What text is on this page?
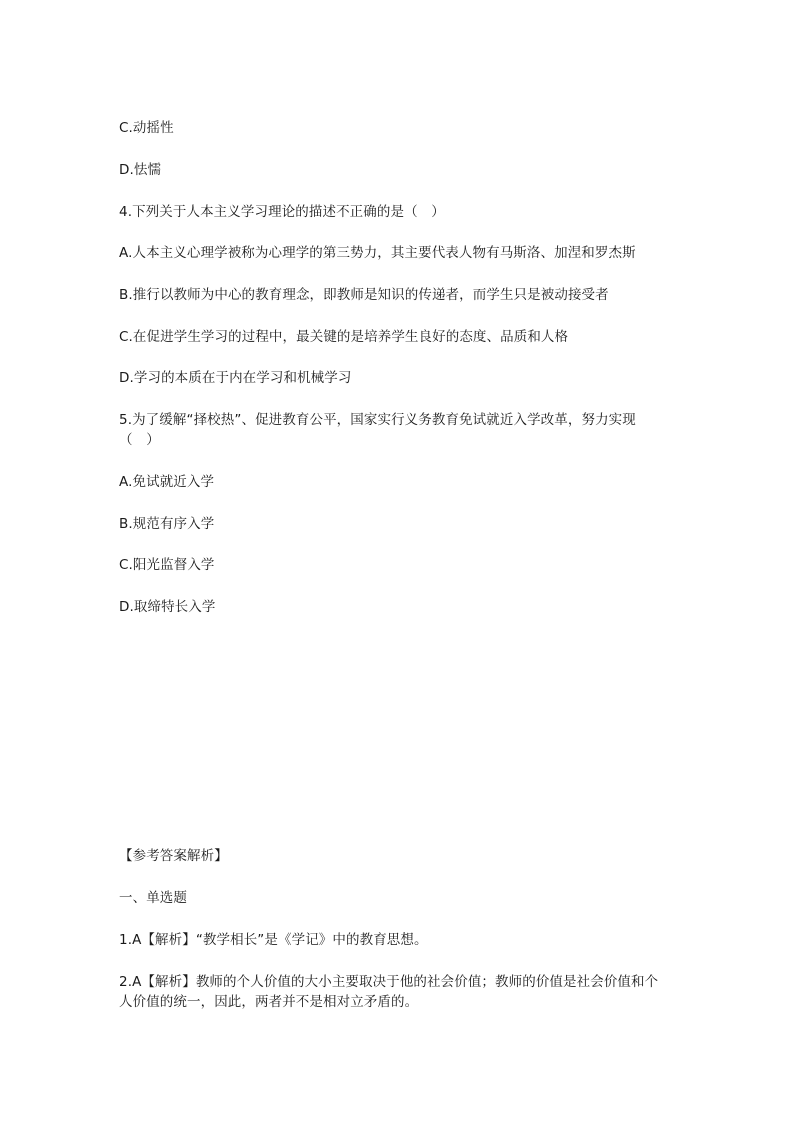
C.动摇性
D.怯懦
4.下列关于人本主义学习理论的描述不正确的是（　）
A.人本主义心理学被称为心理学的第三势力，其主要代表人物有马斯洛、加涅和罗杰斯
B.推行以教师为中心的教育理念，即教师是知识的传递者，而学生只是被动接受者
C.在促进学生学习的过程中，最关键的是培养学生良好的态度、品质和人格
D.学习的本质在于内在学习和机械学习
5.为了缓解“择校热”、促进教育公平，国家实行义务教育免试就近入学改革，努力实现（　）
A.免试就近入学
B.规范有序入学
C.阳光监督入学
D.取缔特长入学
【参考答案解析】
一、单选题
1.A【解析】“教学相长”是《学记》中的教育思想。
2.A【解析】教师的个人价值的大小主要取决于他的社会价值；教师的价值是社会价值和个人价值的统一，因此，两者并不是相对立矛盾的。
